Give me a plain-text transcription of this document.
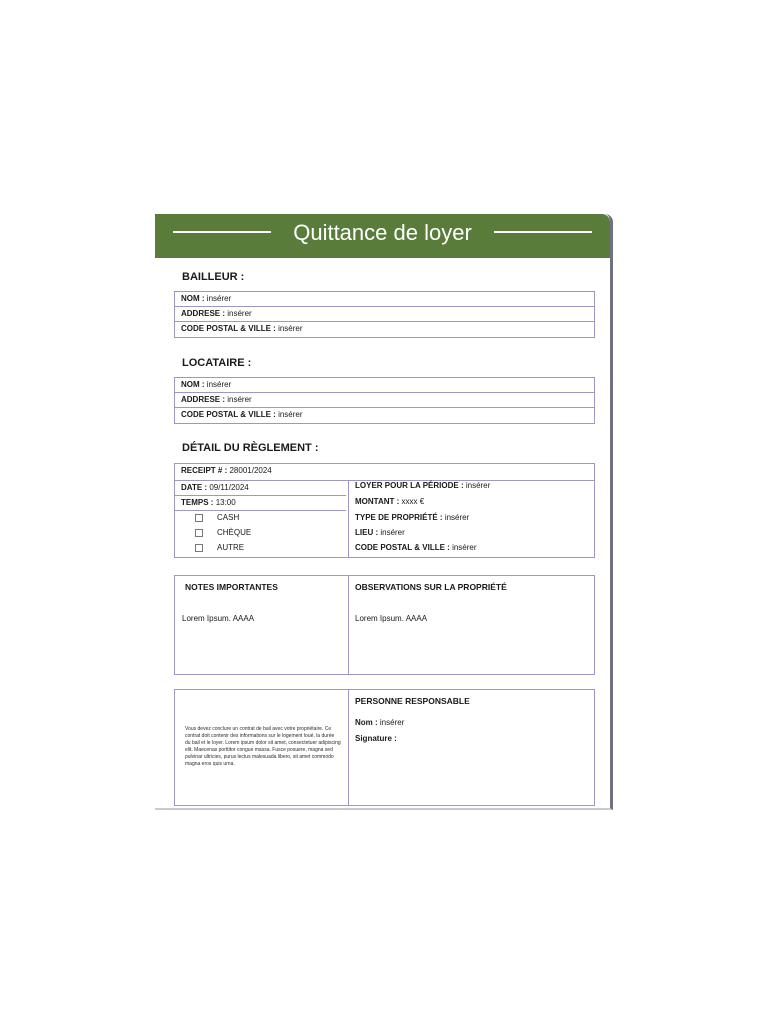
Quittance de loyer
BAILLEUR :
NOM : insérer
ADDRESE : insérer
CODE POSTAL & VILLE : insérer
LOCATAIRE :
NOM : insérer
ADDRESE : insérer
CODE POSTAL & VILLE : insérer
DÉTAIL DU RÈGLEMENT :
RECEIPT # : 28001/2024
DATE : 09/11/2024
TEMPS : 13:00
CASH
CHÈQUE
AUTRE
LOYER POUR LA PÉRIODE : insérer
MONTANT : xxxx €
TYPE DE PROPRIÉTÉ : insérer
LIEU : insérer
CODE POSTAL & VILLE : insérer
NOTES IMPORTANTES
Lorem Ipsum. AAAA
OBSERVATIONS SUR LA PROPRIÉTÉ
Lorem Ipsum. AAAA
Vous devez conclure un contrat de bail avec votre propriétaire. Ce contrat doit contenir des informations sur le logement loué, la durée du bail et le loyer. Lorem ipsum dolor sit amet, consectetuer adipiscing elit. Maecenas porttitor congue massa. Fusce posuere, magna sed pulvinar ultricies, purus lectus malesuada libero, sit amet commodo magna eros quis urna.
PERSONNE RESPONSABLE
Nom : insérer
Signature :
